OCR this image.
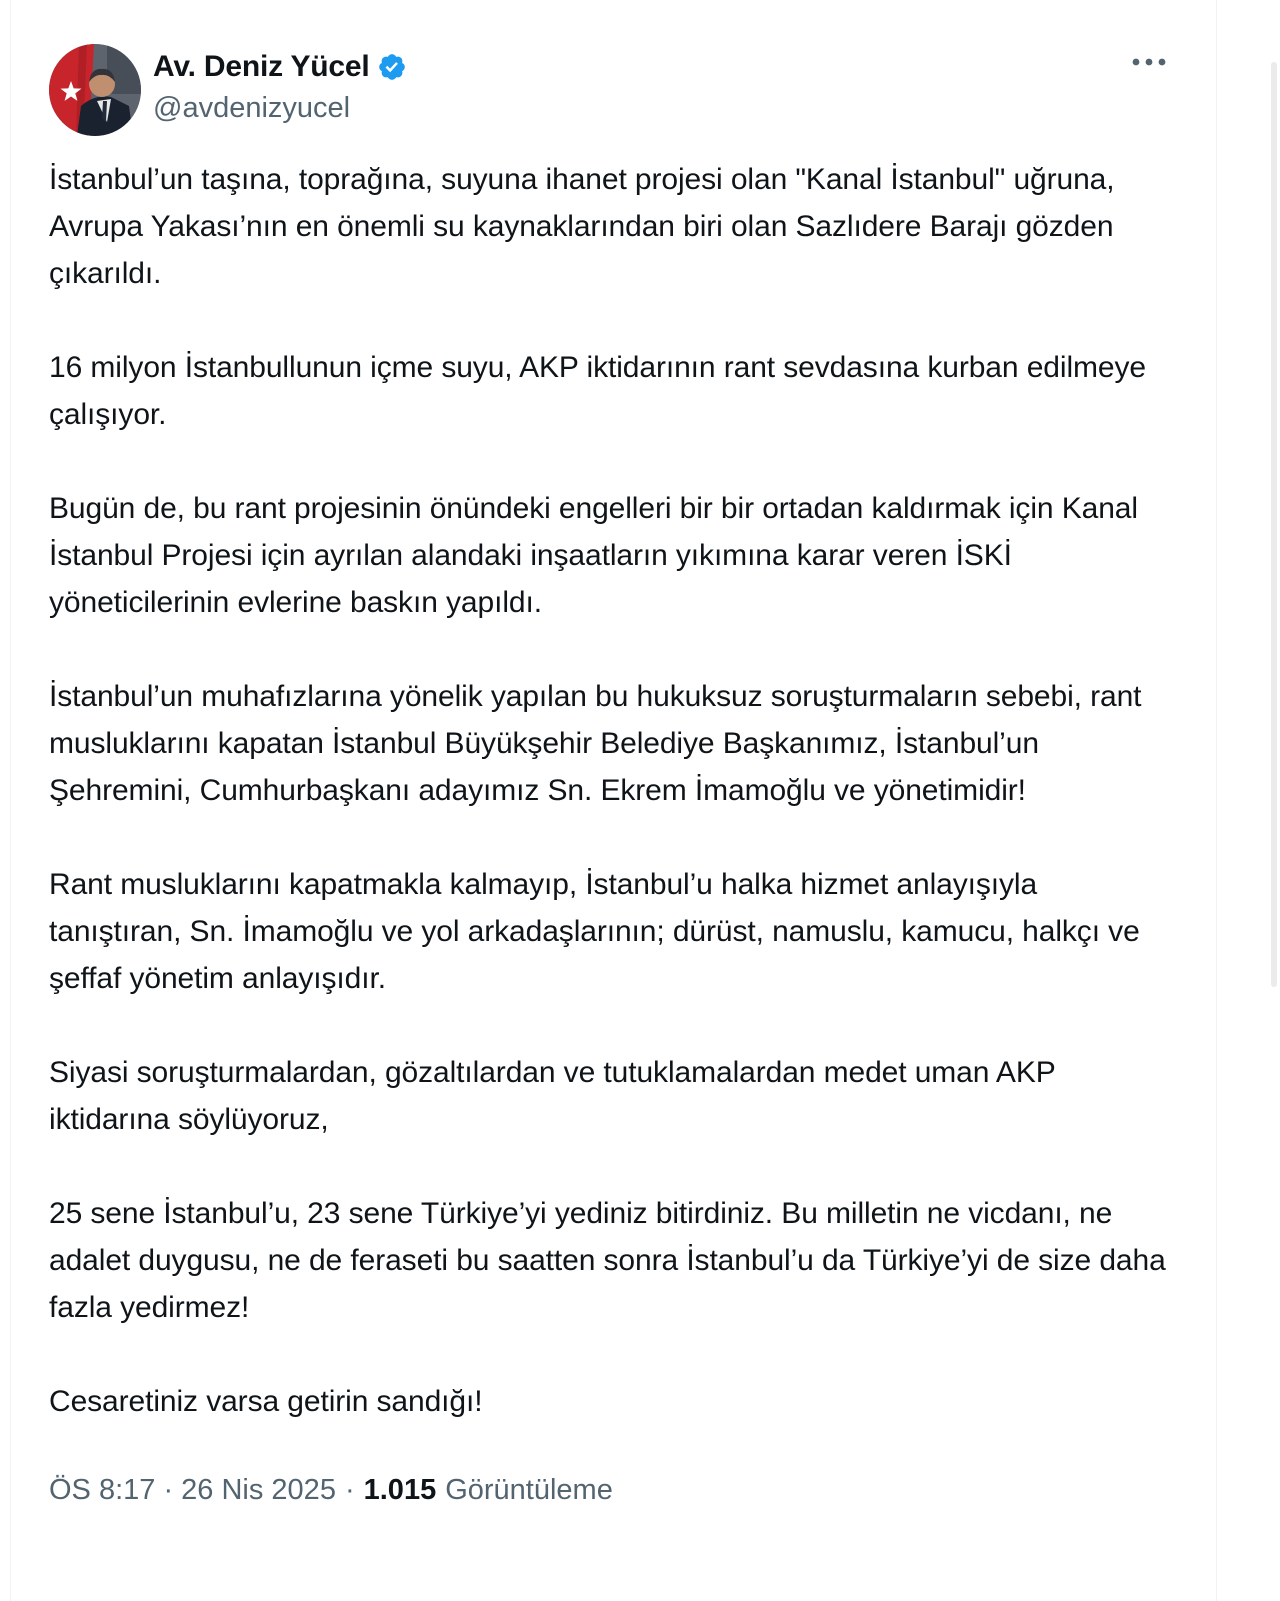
Av. Deniz Yücel
@avdenizyucel

İstanbul’un taşına, toprağına, suyuna ihanet projesi olan "Kanal İstanbul" uğruna, Avrupa Yakası’nın en önemli su kaynaklarından biri olan Sazlıdere Barajı gözden çıkarıldı.

16 milyon İstanbullunun içme suyu, AKP iktidarının rant sevdasına kurban edilmeye çalışıyor.

Bugün de, bu rant projesinin önündeki engelleri bir bir ortadan kaldırmak için Kanal İstanbul Projesi için ayrılan alandaki inşaatların yıkımına karar veren İSKİ yöneticilerinin evlerine baskın yapıldı.

İstanbul’un muhafızlarına yönelik yapılan bu hukuksuz soruşturmaların sebebi, rant musluklarını kapatan İstanbul Büyükşehir Belediye Başkanımız, İstanbul’un Şehremini, Cumhurbaşkanı adayımız Sn. Ekrem İmamoğlu ve yönetimidir!

Rant musluklarını kapatmakla kalmayıp, İstanbul’u halka hizmet anlayışıyla tanıştıran, Sn. İmamoğlu ve yol arkadaşlarının; dürüst, namuslu, kamucu, halkçı ve şeffaf yönetim anlayışıdır.

Siyasi soruşturmalardan, gözaltılardan ve tutuklamalardan medet uman AKP iktidarına söylüyoruz,

25 sene İstanbul’u, 23 sene Türkiye’yi yediniz bitirdiniz. Bu milletin ne vicdanı, ne adalet duygusu, ne de feraseti bu saatten sonra İstanbul’u da Türkiye’yi de size daha fazla yedirmez!

Cesaretiniz varsa getirin sandığı!

ÖS 8:17 · 26 Nis 2025 · 1.015 Görüntüleme
